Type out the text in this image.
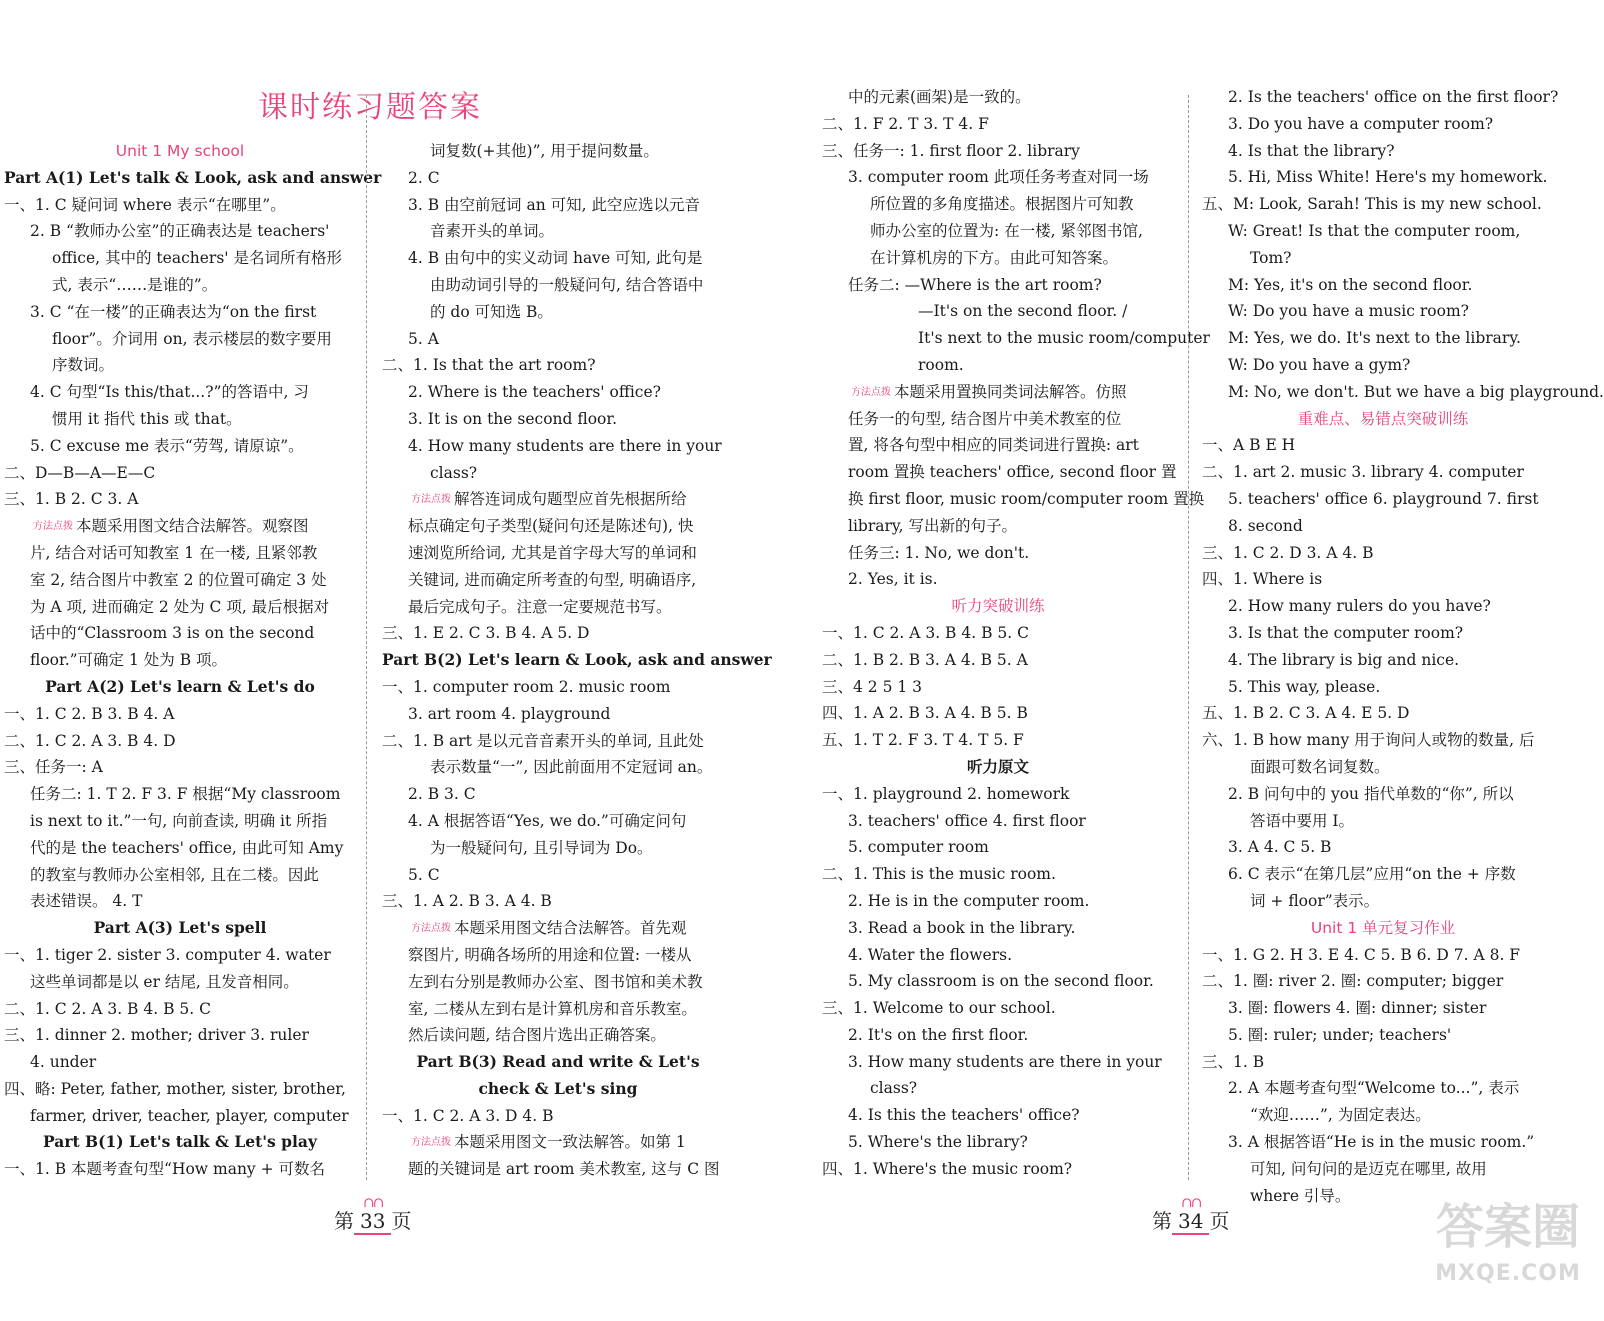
课时练习题答案
Unit 1 My school
Part A(1) Let's talk & Look, ask and answer
一、1. C 疑问词 where 表示“在哪里”。
2. B “教师办公室”的正确表达是 teachers'
office, 其中的 teachers' 是名词所有格形
式, 表示“……是谁的”。
3. C “在一楼”的正确表达为“on the first
floor”。介词用 on, 表示楼层的数字要用
序数词。
4. C 句型“Is this/that...?”的答语中, 习
惯用 it 指代 this 或 that。
5. C excuse me 表示“劳驾, 请原谅”。
二、D—B—A—E—C
三、1. B 2. C 3. A
方法点拨 本题采用图文结合法解答。观察图
片, 结合对话可知教室 1 在一楼, 且紧邻教
室 2, 结合图片中教室 2 的位置可确定 3 处
为 A 项, 进而确定 2 处为 C 项, 最后根据对
话中的“Classroom 3 is on the second
floor.”可确定 1 处为 B 项。
Part A(2) Let's learn & Let's do
一、1. C 2. B 3. B 4. A
二、1. C 2. A 3. B 4. D
三、任务一: A
任务二: 1. T 2. F 3. F 根据“My classroom
is next to it.”一句, 向前查读, 明确 it 所指
代的是 the teachers' office, 由此可知 Amy
的教室与教师办公室相邻, 且在二楼。因此
表述错误。 4. T
Part A(3) Let's spell
一、1. tiger 2. sister 3. computer 4. water
这些单词都是以 er 结尾, 且发音相同。
二、1. C 2. A 3. B 4. B 5. C
三、1. dinner 2. mother; driver 3. ruler
4. under
四、略: Peter, father, mother, sister, brother,
farmer, driver, teacher, player, computer
Part B(1) Let's talk & Let's play
一、1. B 本题考查句型“How many + 可数名
词复数(+其他)”, 用于提问数量。
2. C
3. B 由空前冠词 an 可知, 此空应选以元音
音素开头的单词。
4. B 由句中的实义动词 have 可知, 此句是
由助动词引导的一般疑问句, 结合答语中
的 do 可知选 B。
5. A
二、1. Is that the art room?
2. Where is the teachers' office?
3. It is on the second floor.
4. How many students are there in your
class?
方法点拨 解答连词成句题型应首先根据所给
标点确定句子类型(疑问句还是陈述句), 快
速浏览所给词, 尤其是首字母大写的单词和
关键词, 进而确定所考查的句型, 明确语序,
最后完成句子。注意一定要规范书写。
三、1. E 2. C 3. B 4. A 5. D
Part B(2) Let's learn & Look, ask and answer
一、1. computer room 2. music room
3. art room 4. playground
二、1. B art 是以元音音素开头的单词, 且此处
表示数量“一”, 因此前面用不定冠词 an。
2. B 3. C
4. A 根据答语“Yes, we do.”可确定问句
为一般疑问句, 且引导词为 Do。
5. C
三、1. A 2. B 3. A 4. B
方法点拨 本题采用图文结合法解答。首先观
察图片, 明确各场所的用途和位置: 一楼从
左到右分别是教师办公室、图书馆和美术教
室, 二楼从左到右是计算机房和音乐教室。
然后读问题, 结合图片选出正确答案。
Part B(3) Read and write & Let's
check & Let's sing
一、1. C 2. A 3. D 4. B
方法点拨 本题采用图文一致法解答。如第 1
题的关键词是 art room 美术教室, 这与 C 图
中的元素(画架)是一致的。
二、1. F 2. T 3. T 4. F
三、任务一: 1. first floor 2. library
3. computer room 此项任务考查对同一场
所位置的多角度描述。根据图片可知教
师办公室的位置为: 在一楼, 紧邻图书馆,
在计算机房的下方。由此可知答案。
任务二: —Where is the art room?
—It's on the second floor. /
It's next to the music room/computer
room.
方法点拨 本题采用置换同类词法解答。仿照
任务一的句型, 结合图片中美术教室的位
置, 将各句型中相应的同类词进行置换: art
room 置换 teachers' office, second floor 置
换 first floor, music room/computer room 置换
library, 写出新的句子。
任务三: 1. No, we don't.
2. Yes, it is.
听力突破训练
一、1. C 2. A 3. B 4. B 5. C
二、1. B 2. B 3. A 4. B 5. A
三、4 2 5 1 3
四、1. A 2. B 3. A 4. B 5. B
五、1. T 2. F 3. T 4. T 5. F
听力原文
一、1. playground 2. homework
3. teachers' office 4. first floor
5. computer room
二、1. This is the music room.
2. He is in the computer room.
3. Read a book in the library.
4. Water the flowers.
5. My classroom is on the second floor.
三、1. Welcome to our school.
2. It's on the first floor.
3. How many students are there in your
class?
4. Is this the teachers' office?
5. Where's the library?
四、1. Where's the music room?
2. Is the teachers' office on the first floor?
3. Do you have a computer room?
4. Is that the library?
5. Hi, Miss White! Here's my homework.
五、M: Look, Sarah! This is my new school.
W: Great! Is that the computer room,
Tom?
M: Yes, it's on the second floor.
W: Do you have a music room?
M: Yes, we do. It's next to the library.
W: Do you have a gym?
M: No, we don't. But we have a big playground.
重难点、易错点突破训练
一、A B E H
二、1. art 2. music 3. library 4. computer
5. teachers' office 6. playground 7. first
8. second
三、1. C 2. D 3. A 4. B
四、1. Where is
2. How many rulers do you have?
3. Is that the computer room?
4. The library is big and nice.
5. This way, please.
五、1. B 2. C 3. A 4. E 5. D
六、1. B how many 用于询问人或物的数量, 后
面跟可数名词复数。
2. B 问句中的 you 指代单数的“你”, 所以
答语中要用 I。
3. A 4. C 5. B
6. C 表示“在第几层”应用“on the + 序数
词 + floor”表示。
Unit 1 单元复习作业
一、1. G 2. H 3. E 4. C 5. B 6. D 7. A 8. F
二、1. 圈: river 2. 圈: computer; bigger
3. 圈: flowers 4. 圈: dinner; sister
5. 圈: ruler; under; teachers'
三、1. B
2. A 本题考查句型“Welcome to...”, 表示
“欢迎……”, 为固定表达。
3. A 根据答语“He is in the music room.”
可知, 问句问的是迈克在哪里, 故用
where 引导。
第
∩∩
33 页	第
∩∩
34 页	答案圈
MXQE.COM
